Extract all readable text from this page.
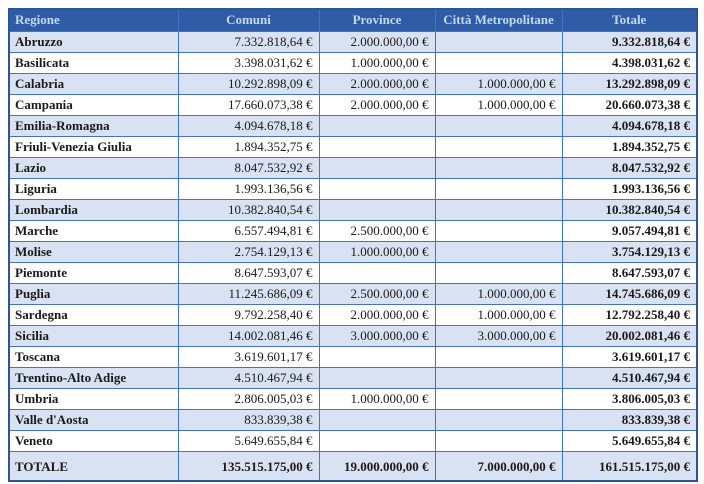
Regione	Comuni	Province	Città Metropolitane	Totale
Abruzzo	7.332.818,64 €	2.000.000,00 €		9.332.818,64 €
Basilicata	3.398.031,62 €	1.000.000,00 €		4.398.031,62 €
Calabria	10.292.898,09 €	2.000.000,00 €	1.000.000,00 €	13.292.898,09 €
Campania	17.660.073,38 €	2.000.000,00 €	1.000.000,00 €	20.660.073,38 €
Emilia-Romagna	4.094.678,18 €			4.094.678,18 €
Friuli-Venezia Giulia	1.894.352,75 €			1.894.352,75 €
Lazio	8.047.532,92 €			8.047.532,92 €
Liguria	1.993.136,56 €			1.993.136,56 €
Lombardia	10.382.840,54 €			10.382.840,54 €
Marche	6.557.494,81 €	2.500.000,00 €		9.057.494,81 €
Molise	2.754.129,13 €	1.000.000,00 €		3.754.129,13 €
Piemonte	8.647.593,07 €			8.647.593,07 €
Puglia	11.245.686,09 €	2.500.000,00 €	1.000.000,00 €	14.745.686,09 €
Sardegna	9.792.258,40 €	2.000.000,00 €	1.000.000,00 €	12.792.258,40 €
Sicilia	14.002.081,46 €	3.000.000,00 €	3.000.000,00 €	20.002.081,46 €
Toscana	3.619.601,17 €			3.619.601,17 €
Trentino-Alto Adige	4.510.467,94 €			4.510.467,94 €
Umbria	2.806.005,03 €	1.000.000,00 €		3.806.005,03 €
Valle d'Aosta	833.839,38 €			833.839,38 €
Veneto	5.649.655,84 €			5.649.655,84 €
TOTALE	135.515.175,00 €	19.000.000,00 €	7.000.000,00 €	161.515.175,00 €
